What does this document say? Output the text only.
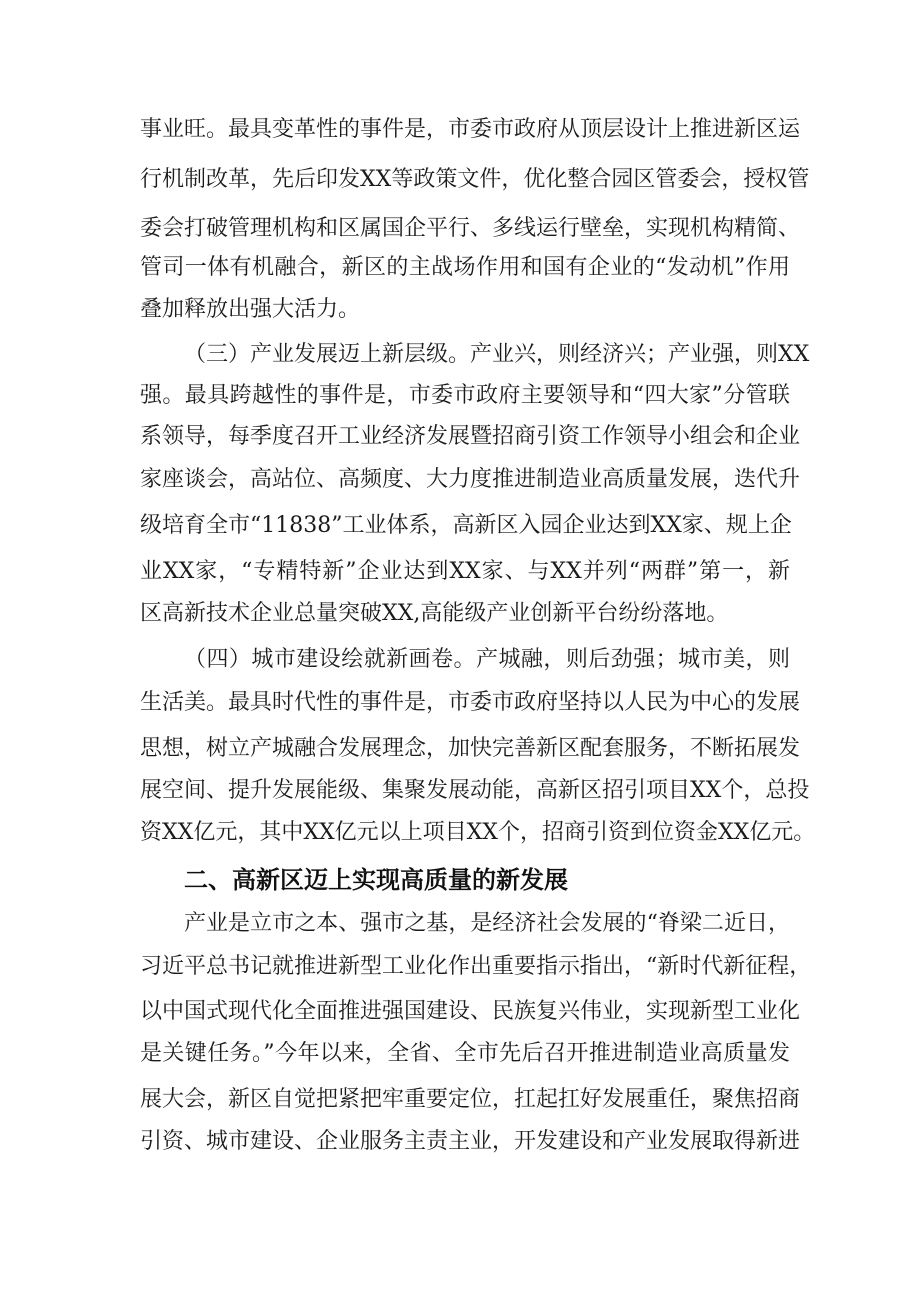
事业旺。最具变革性的事件是，市委市政府从顶层设计上推进新区运
行机制改革，先后印发XX等政策文件，优化整合园区管委会，授权管
委会打破管理机构和区属国企平行、多线运行壁垒，实现机构精简、
管司一体有机融合，新区的主战场作用和国有企业的“发动机”作用
叠加释放出强大活力。
（三）产业发展迈上新层级。产业兴，则经济兴；产业强，则XX
强。最具跨越性的事件是，市委市政府主要领导和“四大家”分管联
系领导，每季度召开工业经济发展暨招商引资工作领导小组会和企业
家座谈会，高站位、高频度、大力度推进制造业高质量发展，迭代升
级培育全市“11838”工业体系，高新区入园企业达到XX家、规上企
业XX家，“专精特新”企业达到XX家、与XX并列“两群”第一，新
区高新技术企业总量突破XX,高能级产业创新平台纷纷落地。
（四）城市建设绘就新画卷。产城融，则后劲强；城市美，则
生活美。最具时代性的事件是，市委市政府坚持以人民为中心的发展
思想，树立产城融合发展理念，加快完善新区配套服务，不断拓展发
展空间、提升发展能级、集聚发展动能，高新区招引项目XX个，总投
资XX亿元，其中XX亿元以上项目XX个，招商引资到位资金XX亿元。
二、高新区迈上实现高质量的新发展
产业是立市之本、强市之基，是经济社会发展的“脊梁二近日，
习近平总书记就推进新型工业化作出重要指示指出，“新时代新征程，
以中国式现代化全面推进强国建设、民族复兴伟业，实现新型工业化
是关键任务。”今年以来，全省、全市先后召开推进制造业高质量发
展大会，新区自觉把紧把牢重要定位，扛起扛好发展重任，聚焦招商
引资、城市建设、企业服务主责主业，开发建设和产业发展取得新进
